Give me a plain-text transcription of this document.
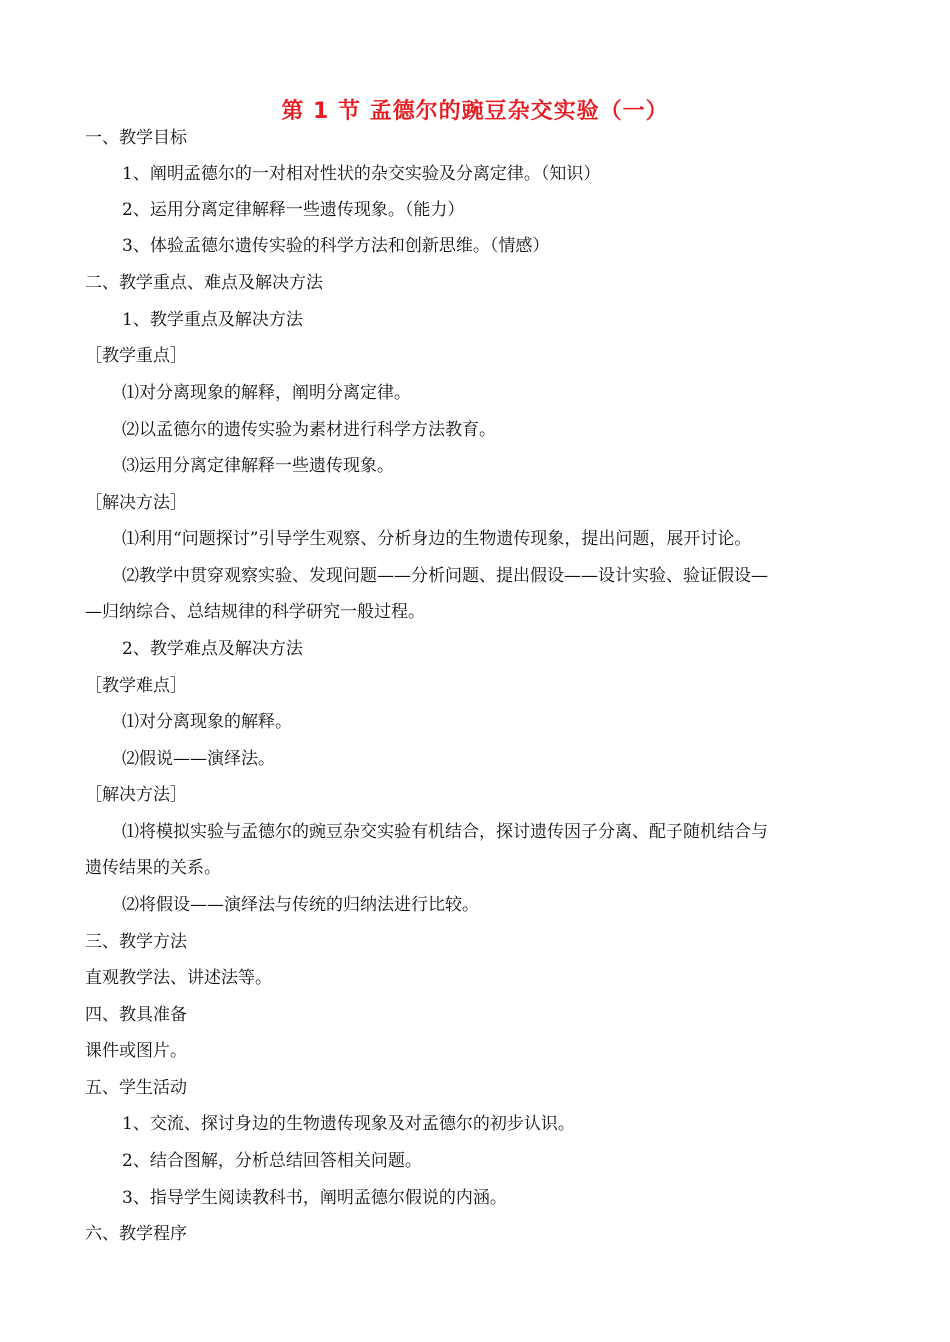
第 1 节 孟德尔的豌豆杂交实验（一）
一、教学目标
1、阐明孟德尔的一对相对性状的杂交实验及分离定律。（知识）
2、运用分离定律解释一些遗传现象。（能力）
3、体验孟德尔遗传实验的科学方法和创新思维。（情感）
二、教学重点、难点及解决方法
1、教学重点及解决方法
［教学重点］
⑴对分离现象的解释，阐明分离定律。
⑵以孟德尔的遗传实验为素材进行科学方法教育。
⑶运用分离定律解释一些遗传现象。
［解决方法］
⑴利用“问题探讨”引导学生观察、分析身边的生物遗传现象，提出问题，展开讨论。
⑵教学中贯穿观察实验、发现问题——分析问题、提出假设——设计实验、验证假设—
—归纳综合、总结规律的科学研究一般过程。
2、教学难点及解决方法
［教学难点］
⑴对分离现象的解释。
⑵假说——演绎法。
［解决方法］
⑴将模拟实验与孟德尔的豌豆杂交实验有机结合，探讨遗传因子分离、配子随机结合与
遗传结果的关系。
⑵将假设——演绎法与传统的归纳法进行比较。
三、教学方法
直观教学法、讲述法等。
四、教具准备
课件或图片。
五、学生活动
1、交流、探讨身边的生物遗传现象及对孟德尔的初步认识。
2、结合图解，分析总结回答相关问题。
3、指导学生阅读教科书，阐明孟德尔假说的内涵。
六、教学程序
